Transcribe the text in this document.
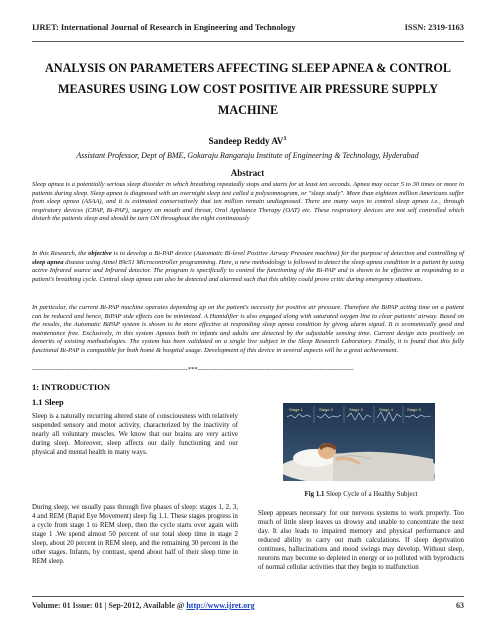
IJRET: International Journal of Research in Engineering and Technology	ISSN: 2319-1163
ANALYSIS ON PARAMETERS AFFECTING SLEEP APNEA & CONTROL MEASURES USING LOW COST POSITIVE AIR PRESSURE SUPPLY MACHINE
Sandeep Reddy $AV^1$
Assistant Professor, Dept of BME, Gokaraju Rangaraju Institute of Engineering & Technology, Hyderabad
Abstract

Sleep apnea is a potentially serious sleep disorder in which breathing repeatedly stops and starts for at least ten seconds. Apnea may occur 5 to 30 times or more in patients during sleep. Sleep apnea is diagnosed with an overnight sleep test called a polysomnogram, or "sleep study". More than eighteen million Americans suffer from sleep apnea (ASAA), and it is estimated conservatively that ten million remain undiagnosed. There are many ways to control sleep apnea i.e., through respiratory devices (CPAP, Bi-PAP), surgery on mouth and throat, Oral Appliance Therapy (OAT) etc. These respiratory devices are not self controlled which disturb the patients sleep and should be turn ON throughout the night continuously

In this Research, the objective is to develop a Bi-PAP device (Automatic Bi-level Positive Airway Pressure machine) for the purpose of detection and controlling of sleep apnea disease using Atmel 89c51 Microcontroller programming. Here, a new methodology is followed to detect the sleep apnea condition in a patient by using active Infrared source and Infrared detector. The program is specifically to control the functioning of the Bi-PAP and is shown to be effective at responding to a patient's breathing cycle. Central sleep apnea can also be detected and alarmed such that this ability could prove critic during emergency situations.

In particular, the current Bi-PAP machine operates depending up on the patient's necessity for positive air pressure. Therefore the BiPAP acting time on a patient can be reduced and hence, BiPAP side effects can be minimized. A Humidifier is also engaged along with saturated oxygen line to clear patients' airway. Based on the results, the Automatic BiPAP system is shown to be more effective at responding sleep apnea condition by giving alarm signal. It is economically good and maintenance free. Exclusively, in this system Apneas both in infants and adults are detected by the adjustable sensing time. Current design acts positively on demerits of existing methodologies. The system has been validated on a single live subject in the Sleep Research Laboratory. Finally, it is found that this fully functional Bi-PAP is compatible for both home & hospital usage. Development of this device in several aspects will be a great achievement.

------------------------------------------------------------------------***------------------------------------------------------------------------
1: INTRODUCTION
1.1 Sleep

Sleep is a naturally recurring altered state of consciousness with relatively suspended sensory and motor activity, characterized by the inactivity of nearly all voluntary muscles. We know that our brains are very active during sleep. Moreover, sleep affects our daily functioning and our physical and mental health in many ways.

During sleep, we usually pass through five phases of sleep: stages 1, 2, 3, 4 and REM (Rapid Eye Movement) sleep fig 1.1. These stages progress in a cycle from stage 1 to REM sleep, then the cycle starts over again with stage 1 .We spend almost 50 percent of our total sleep time in stage 2 sleep, about 20 percent in REM sleep, and the remaining 30 percent in the other stages. Infants, by contrast, spend about half of their sleep time in REM sleep.

Stage 1	Stage 2	Stage 3	Stage 4	Stage 5
Fig 1.1 Sleep Cycle of a Healthy Subject

Sleep appears necessary for our nervous systems to work properly. Too much of little sleep leaves us drowsy and unable to concentrate the next day. It also leads to impaired memory and physical performance and reduced ability to carry out math calculations. If sleep deprivation continues, hallucinations and mood swings may develop. Without sleep, neurons may become so depleted in energy or so polluted with byproducts of normal cellular activities that they begin to malfunction

Volume: 01 Issue: 01 | Sep-2012, Available @ http://www.ijret.org	63
